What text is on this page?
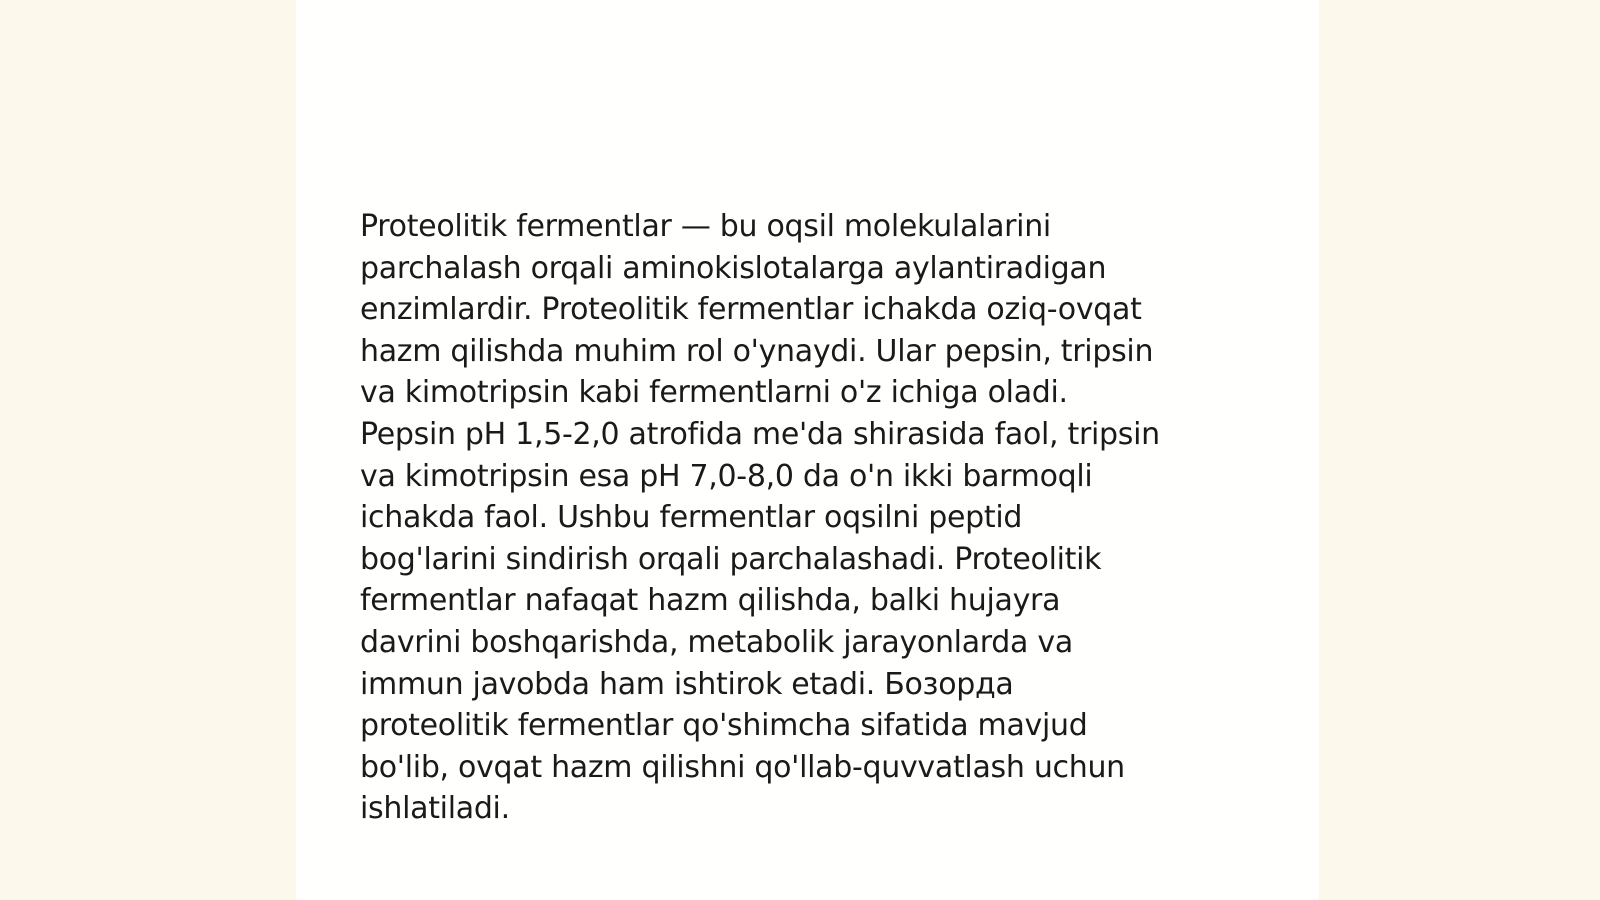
Proteolitik fermentlar — bu oqsil molekulalarini
parchalash orqali aminokislotalarga aylantiradigan
enzimlardir. Proteolitik fermentlar ichakda oziq-ovqat
hazm qilishda muhim rol o'ynaydi. Ular pepsin, tripsin
va kimotripsin kabi fermentlarni o'z ichiga oladi.
Pepsin pH 1,5-2,0 atrofida me'da shirasida faol, tripsin
va kimotripsin esa pH 7,0-8,0 da o'n ikki barmoqli
ichakda faol. Ushbu fermentlar oqsilni peptid
bog'larini sindirish orqali parchalashadi. Proteolitik
fermentlar nafaqat hazm qilishda, balki hujayra
davrini boshqarishda, metabolik jarayonlarda va
immun javobda ham ishtirok etadi. Бозорда
proteolitik fermentlar qo'shimcha sifatida mavjud
bo'lib, ovqat hazm qilishni qo'llab-quvvatlash uchun
ishlatiladi.
